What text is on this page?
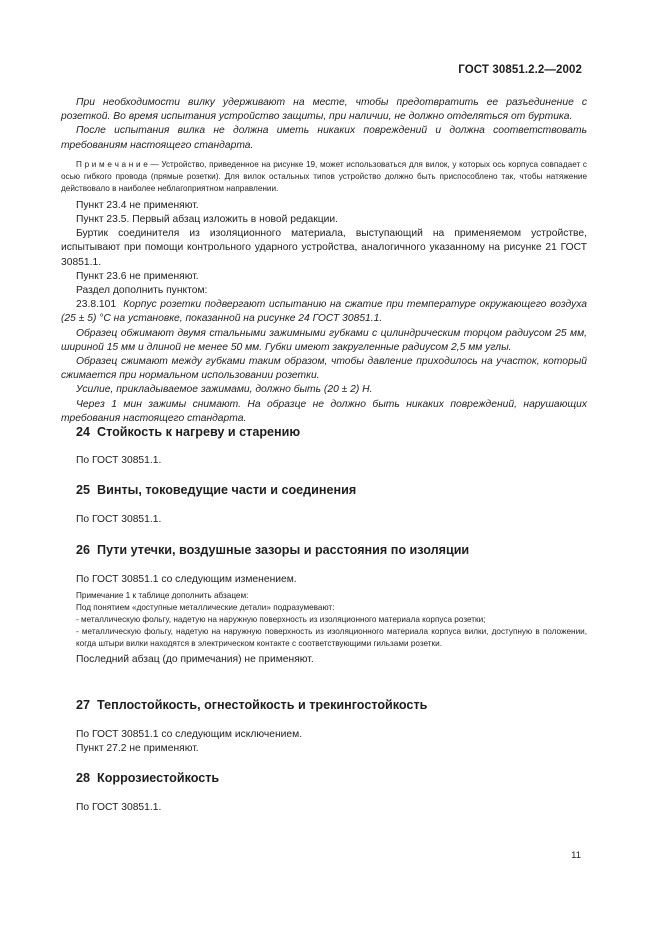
ГОСТ 30851.2.2—2002

При необходимости вилку удерживают на месте, чтобы предотвратить ее разъединение с розеткой. Во время испытания устройство защиты, при наличии, не должно отделяться от буртика.

После испытания вилка не должна иметь никаких повреждений и должна соответствовать требованиям настоящего стандарта.

П р и м е ч а н и е — Устройство, приведенное на рисунке 19, может использоваться для вилок, у которых ось корпуса совпадает с осью гибкого провода (прямые розетки). Для вилок остальных типов устройство должно быть приспособлено так, чтобы натяжение действовало в наиболее неблагоприятном направлении.

Пункт 23.4 не применяют.

Пункт 23.5. Первый абзац изложить в новой редакции.

Буртик соединителя из изоляционного материала, выступающий на применяемом устройстве, испытывают при помощи контрольного ударного устройства, аналогичного указанному на рисунке 21 ГОСТ 30851.1.

Пункт 23.6 не применяют.

Раздел дополнить пунктом:

23.8.101 Корпус розетки подвергают испытанию на сжатие при температуре окружающего воздуха (25 ± 5) °С на установке, показанной на рисунке 24 ГОСТ 30851.1.

Образец обжимают двумя стальными зажимными губками с цилиндрическим торцом радиусом 25 мм, шириной 15 мм и длиной не менее 50 мм. Губки имеют закругленные радиусом 2,5 мм углы.

Образец сжимают между губками таким образом, чтобы давление приходилось на участок, который сжимается при нормальном использовании розетки.

Усилие, прикладываемое зажимами, должно быть (20 ± 2) Н.

Через 1 мин зажимы снимают. На образце не должно быть никаких повреждений, нарушающих требования настоящего стандарта.

24 Стойкость к нагреву и старению

По ГОСТ 30851.1.

25 Винты, токоведущие части и соединения

По ГОСТ 30851.1.

26 Пути утечки, воздушные зазоры и расстояния по изоляции

По ГОСТ 30851.1 со следующим изменением.

Примечание 1 к таблице дополнить абзацем:

Под понятием «доступные металлические детали» подразумевают:

- металлическую фольгу, надетую на наружную поверхность из изоляционного материала корпуса розетки;
- металлическую фольгу, надетую на наружную поверхность из изоляционного материала корпуса вилки, доступную в положении, когда штыри вилки находятся в электрическом контакте с соответствующими гильзами розетки.

Последний абзац (до примечания) не применяют.

27 Теплостойкость, огнестойкость и трекингостойкость

По ГОСТ 30851.1 со следующим исключением.

Пункт 27.2 не применяют.

28 Коррозиестойкость

По ГОСТ 30851.1.

11
